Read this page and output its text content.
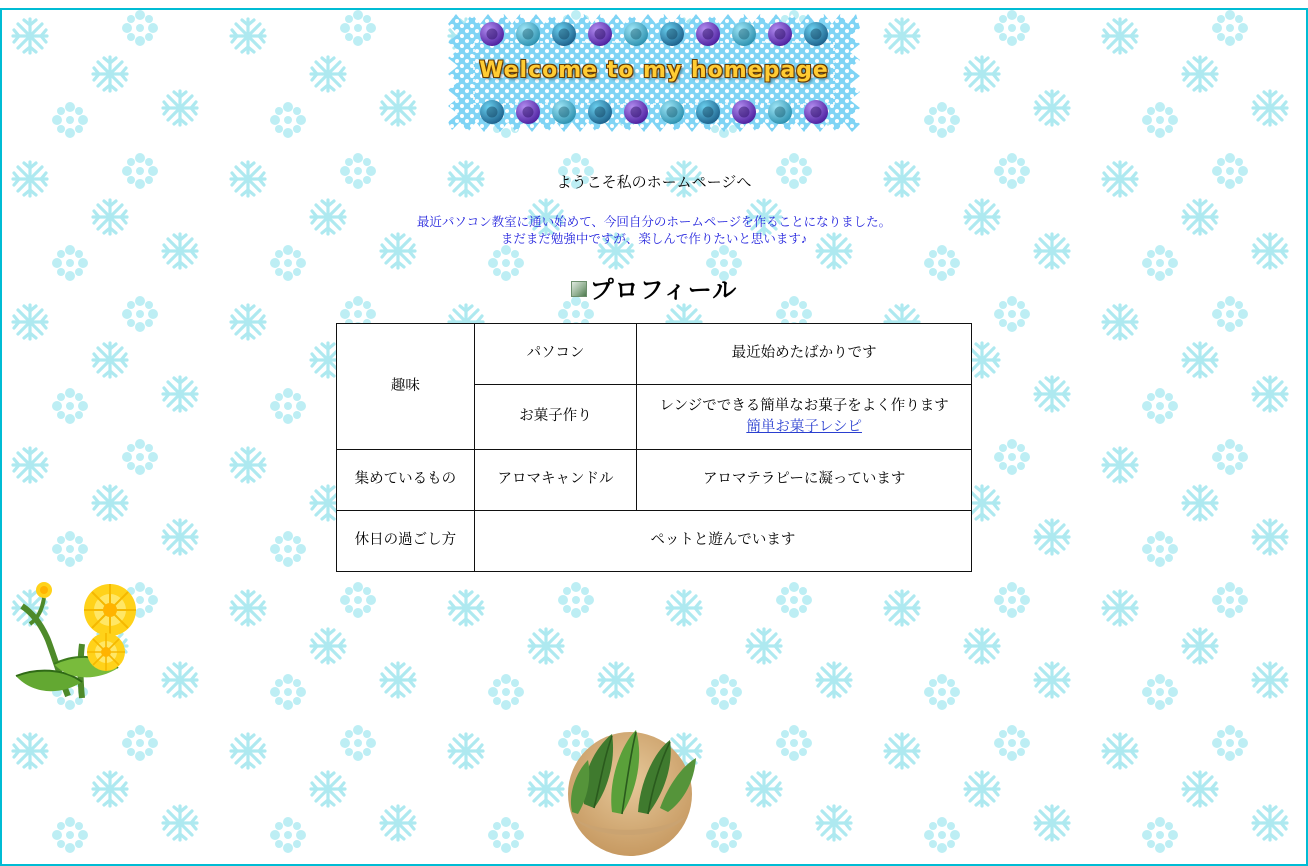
Welcome to my homepage
ようこそ私のホームページへ
最近パソコン教室に通い始めて、今回自分のホームページを作ることになりました。
まだまだ勉強中ですが、楽しんで作りたいと思います♪
プロフィール
趣味	パソコン	最近始めたばかりです
	お菓子作り	レンジでできる簡単なお菓子をよく作ります
簡単お菓子レシピ
集めているもの	アロマキャンドル	アロマテラピーに凝っています
休日の過ごし方	ペットと遊んでいます	
